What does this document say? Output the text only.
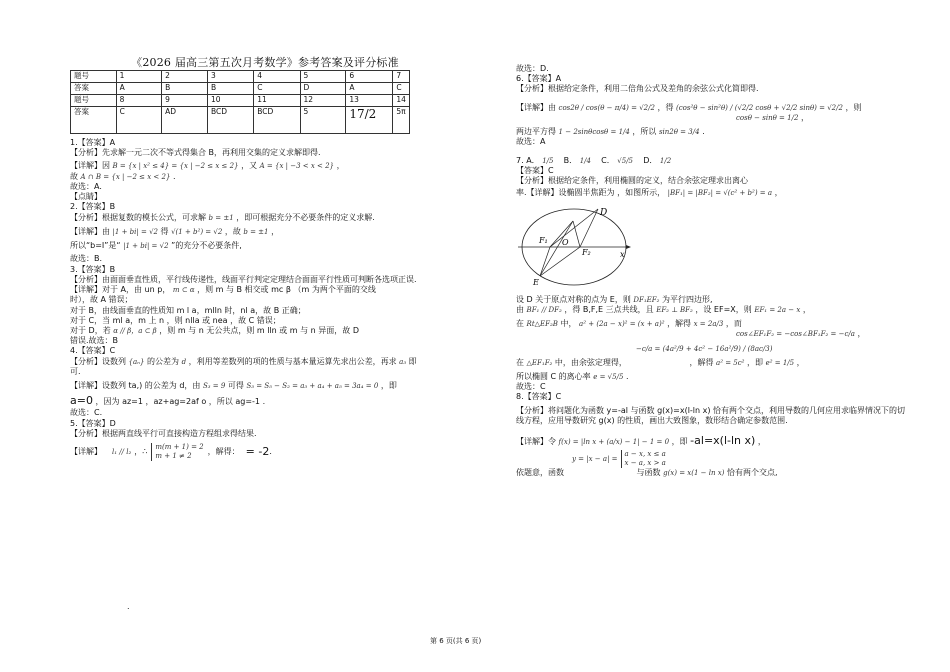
《2026 届高三第五次月考数学》参考答案及评分标准
题号	1	2	3	4	5	6	7
答案	A	B	B	C	D	A	C
题号	8	9	10	11	12	13	14
答案	C	AD	BCD	BCD	5	17/2	5π

1.【答案】A

【分析】先求解一元二次不等式得集合 B，再利用交集的定义求解即得.

【详解】因 B = {x | x² ≤ 4} = {x | −2 ≤ x ≤ 2} ，又 A = {x | −3 < x < 2} ，

故 A ∩ B = {x | −2 ≤ x < 2} .

故选：A.

【点睛】

2.【答案】B

【分析】根据复数的模长公式，可求解 b = ±1 ，即可根据充分不必要条件的定义求解.

【详解】由 |1 + bi| = √2 得 √(1 + b²) = √2 ，故 b = ±1 ，

所以“b=I”是“ |1 + bi| = √2 ”的充分不必要条件,

故选：B.

3.【答案】B

【分析】由面面垂直性质，平行线传递性，线面平行判定定理结合面面平行性质可判断各选项正误.

【详解】对于 A，由 un p， m ⊂ α ，则 m 与 B 相交或 mc β （m 为两个平面的交线

时），故 A 错误；

对于 B，由线面垂直的性质知 m l a，mlln 时，nl a，故 B 正确；

对于 C，当 ml a，m 上 n ，则 nlla 或 nea ，故 C 错误；

对于 D，若 α // β，a ⊂ β ，则 m 与 n 无公共点，则 m lln 或 m 与 n 异面，故 D

错误.故选：B

4.【答案】C

【分析】设数列 {aₙ} 的公差为 d ，利用等差数列的项的性质与基本量运算先求出公差，再求 a₃ 即

可.

【详解】设数列 ta,) 的公差为 d，由 S₃ = 9 可得 S₃ = S₅ − S₂ = a₃ + a₄ + a₅ = 3a₄ = 0 ，即

a=0 ，因为 az=1 ，az+ag=2af o ，所以 ag=-1 .

故选：C.

5.【答案】D

【分析】根据两直线平行可直接构造方程组求得结果.

【详解】 l₁ // l₂ ，∴ m(m + 1) = 2
m + 1 ≠ 2
，解得： = -2 .
.

故选：D.

6.【答案】A

【分析】根据给定条件，利用二倍角公式及差角的余弦公式化简即得.

【详解】由 cos2θ / cos(θ − π/4) = √2/2 ，得 (cos²θ − sin²θ) / (√2/2 cosθ + √2/2 sinθ) = √2/2 ，则

cosθ − sinθ = 1/2 ，

两边平方得 1 − 2sinθcosθ = 1/4 ，所以 sin2θ = 3/4 .

故选：A

7. A． 1/5 B． 1/4 C． √5/5 D． 1/2

【答案】C

【分析】根据给定条件，利用椭圆的定义，结合余弦定理求出离心

率.【详解】设椭圆半焦距为 ，如图所示， |BF₁| = |BF₂| = √(c² + b²) = a ，

D
F₁ O
F₂
E
x

设 D 关于原点对称的点为 E，则 DF₁EF₂ 为平行四边形,

由 BF₁ // DF₂ ，得 B,F,E 三点共线，且 EF₂ ⊥ BF₂ ，设 EF=X，则 EF₁ = 2a − x ，

在 Rt△EF₂B 中， a² + (2a − x)² = (x + a)² ，解得 x = 2a/3 ，而

cos∠EF₁F₂ = −cos∠BF₁F₂ = −c/a ，

−c/a = (4a²/9 + 4c² − 16a²/9) / (8ac/3)

在 △EF₁F₂ 中，由余弦定理得，	，解得 a² = 5c² ，即 e² = 1/5 ，

所以椭圆 C 的离心率 e = √5/5 .

故选：C

8.【答案】C

【分析】将问题化为函数 y=-al 与函数 g(x)=x(l-ln x) 恰有两个交点，利用导数的几何应用求临界情况下的切线方程，应用导数研究 g(x) 的性质，画出大致图象，数形结合确定参数范围.

【详解】令 f(x) = |ln x + (a/x) − 1| − 1 = 0 ，即 -al=x(l-ln x) ，

y = |x − a| =
a − x, x ≤ a
x − a, x > a

依题意，函数	与函数 g(x) = x(1 − ln x) 恰有两个交点,

第 6 页(共 6 页)
